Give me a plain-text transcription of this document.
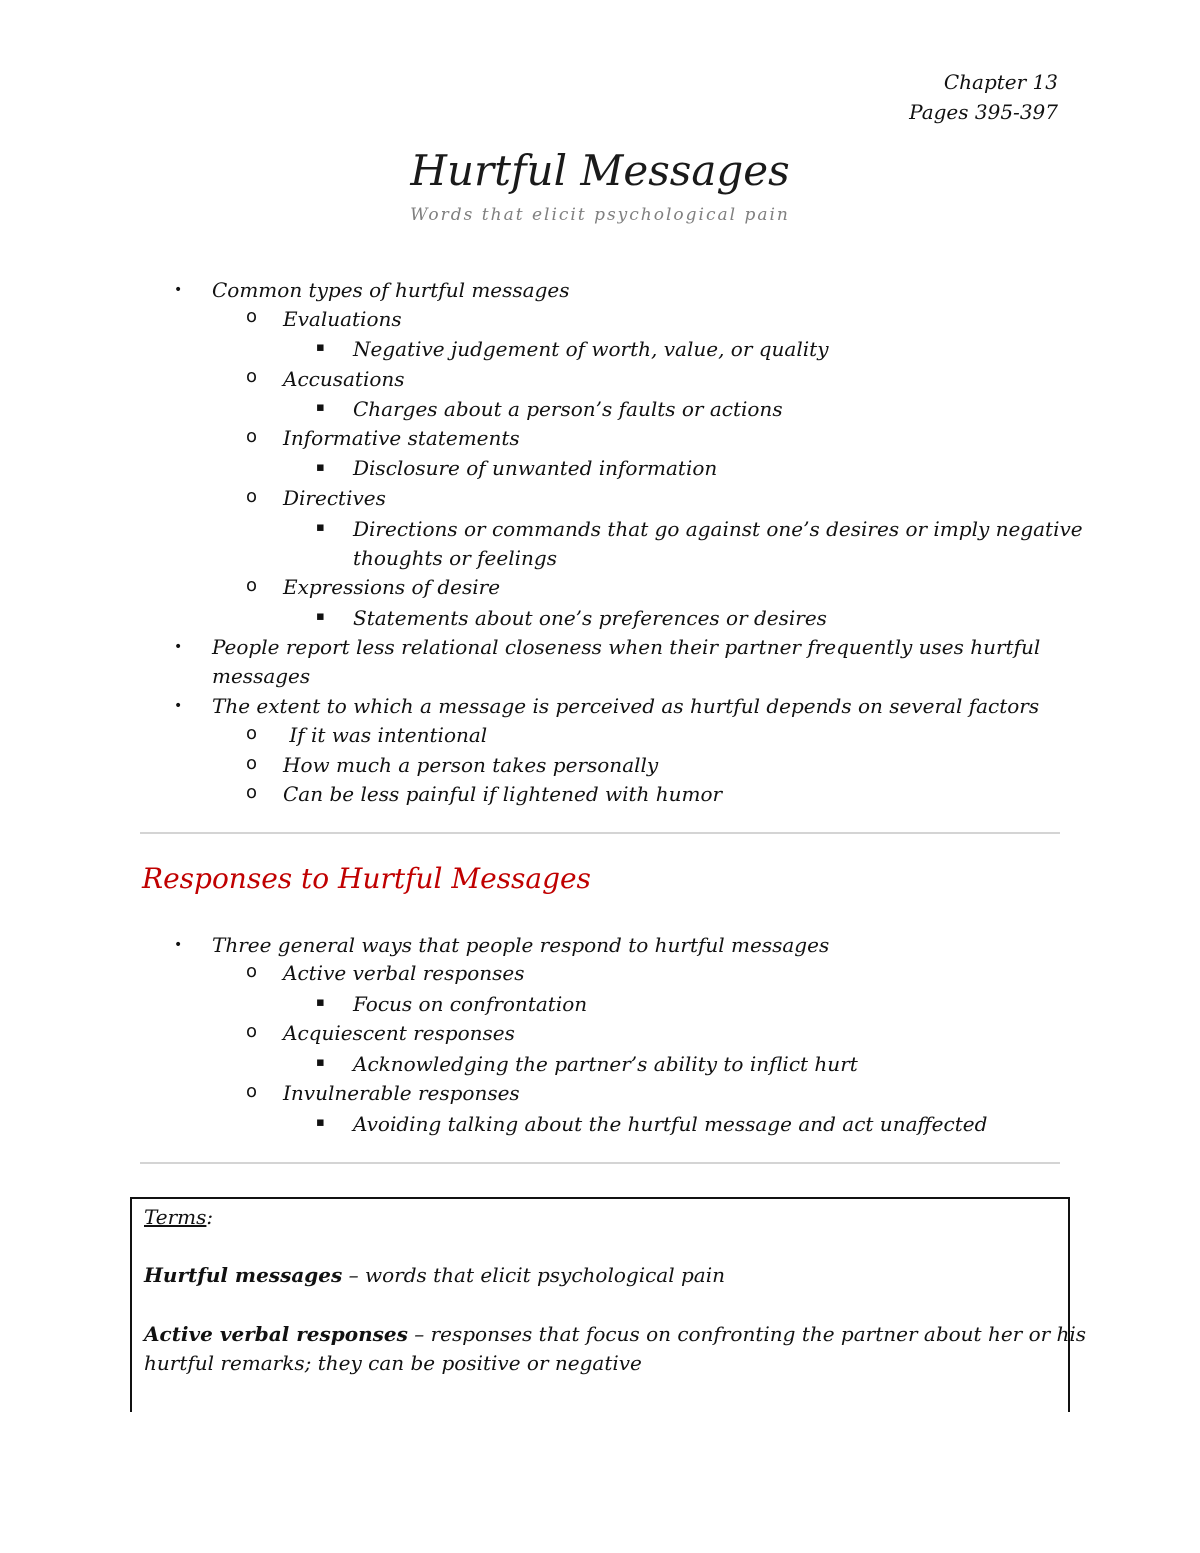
Chapter 13
Pages 395-397
Hurtful Messages
Words that elicit psychological pain
• Common types of hurtful messages
o Evaluations
▪ Negative judgement of worth, value, or quality
o Accusations
▪ Charges about a person’s faults or actions
o Informative statements
▪ Disclosure of unwanted information
o Directives
▪ Directions or commands that go against one’s desires or imply negative
thoughts or feelings
o Expressions of desire
▪ Statements about one’s preferences or desires
• People report less relational closeness when their partner frequently uses hurtful
messages
• The extent to which a message is perceived as hurtful depends on several factors
o If it was intentional
o How much a person takes personally
o Can be less painful if lightened with humor
Responses to Hurtful Messages
• Three general ways that people respond to hurtful messages
o Active verbal responses
▪ Focus on confrontation
o Acquiescent responses
▪ Acknowledging the partner’s ability to inflict hurt
o Invulnerable responses
▪ Avoiding talking about the hurtful message and act unaffected
Terms:
Hurtful messages – words that elicit psychological pain
Active verbal responses – responses that focus on confronting the partner about her or his
hurtful remarks; they can be positive or negative
